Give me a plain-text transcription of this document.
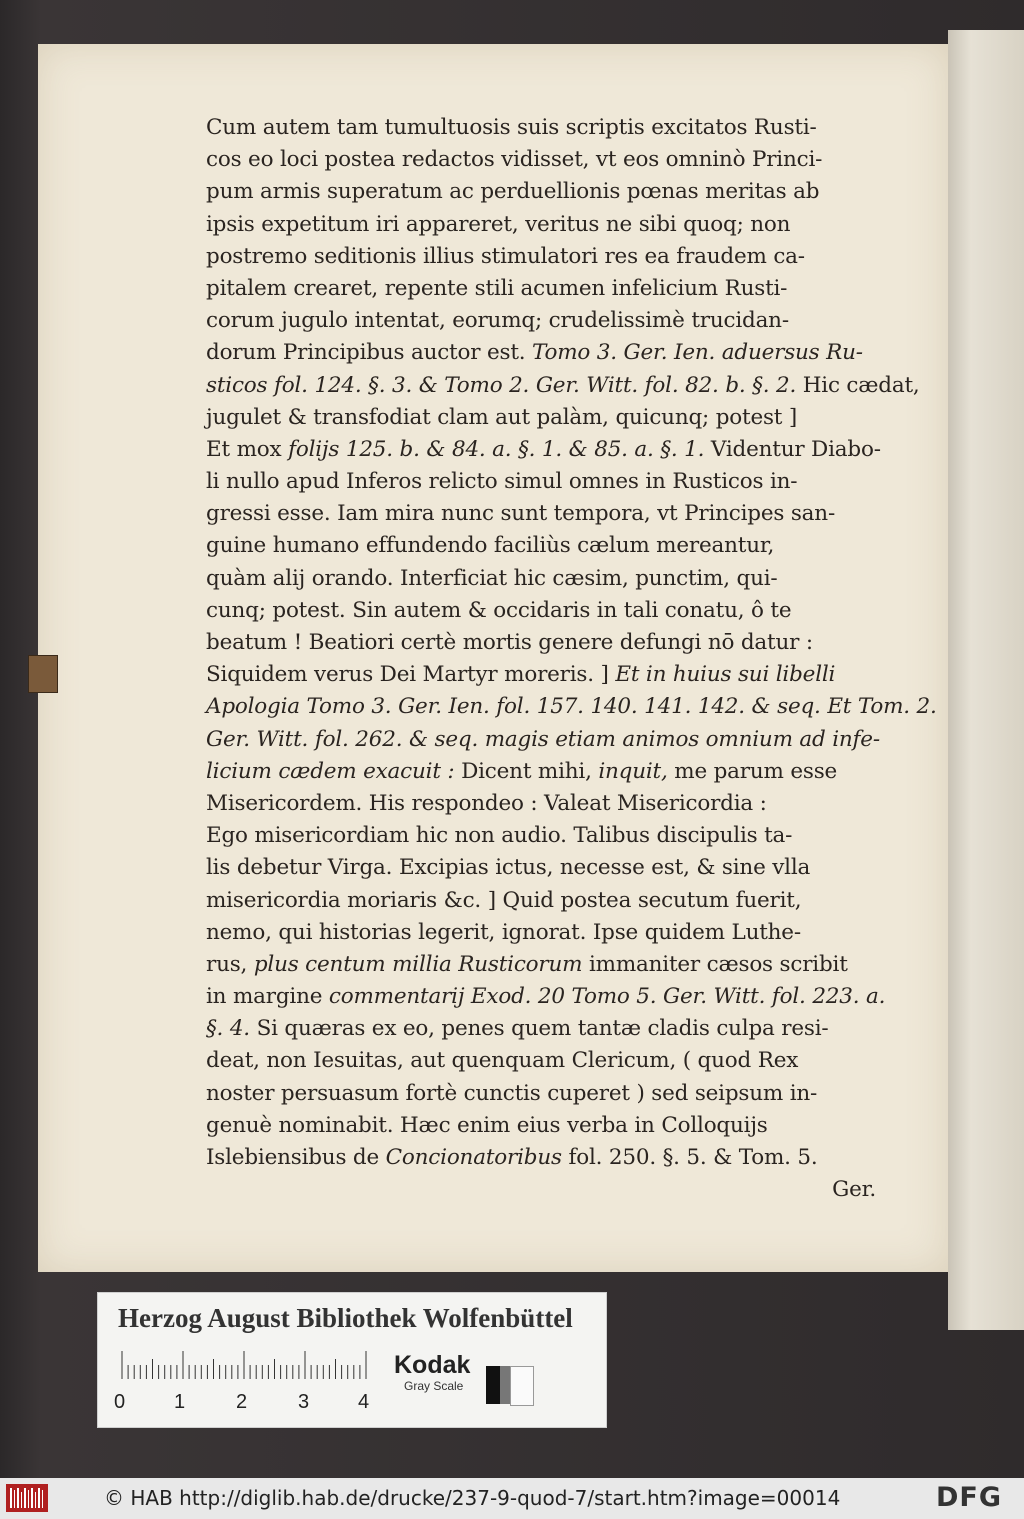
Cum autem tam tumultuosis suis scriptis excitatos Rusti-
cos eo loci postea redactos vidisset, vt eos omninò Princi-
pum armis superatum ac perduellionis pœnas meritas ab
ipsis expetitum iri appareret, veritus ne sibi quoq; non
postremo seditionis illius stimulatori res ea fraudem ca-
pitalem crearet, repente stili acumen infelicium Rusti-
corum jugulo intentat, eorumq; crudelissimè trucidan-
dorum Principibus auctor est. Tomo 3. Ger. Ien. aduersus Ru-
sticos fol. 124. §. 3. & Tomo 2. Ger. Witt. fol. 82. b. §. 2. Hic cædat,
jugulet & transfodiat clam aut palàm, quicunq; potest ]
Et mox folijs 125. b. & 84. a. §. 1. & 85. a. §. 1. Videntur Diabo-
li nullo apud Inferos relicto simul omnes in Rusticos in-
gressi esse. Iam mira nunc sunt tempora, vt Principes san-
guine humano effundendo faciliùs cælum mereantur,
quàm alij orando. Interficiat hic cæsim, punctim, qui-
cunq; potest. Sin autem & occidaris in tali conatu, ô te
beatum ! Beatiori certè mortis genere defungi nō datur :
Siquidem verus Dei Martyr moreris. ] Et in huius sui libelli
Apologia Tomo 3. Ger. Ien. fol. 157. 140. 141. 142. & seq. Et Tom. 2.
Ger. Witt. fol. 262. & seq. magis etiam animos omnium ad infe-
licium cædem exacuit : Dicent mihi, inquit, me parum esse
Misericordem. His respondeo : Valeat Misericordia :
Ego misericordiam hic non audio. Talibus discipulis ta-
lis debetur Virga. Excipias ictus, necesse est, & sine vlla
misericordia moriaris &c. ] Quid postea secutum fuerit,
nemo, qui historias legerit, ignorat. Ipse quidem Luthe-
rus, plus centum millia Rusticorum immaniter cæsos scribit
in margine commentarij Exod. 20 Tomo 5. Ger. Witt. fol. 223. a.
§. 4. Si quæras ex eo, penes quem tantæ cladis culpa resi-
deat, non Iesuitas, aut quenquam Clericum, ( quod Rex
noster persuasum fortè cunctis cuperet ) sed seipsum in-
genuè nominabit. Hæc enim eius verba in Colloquijs
Islebiensibus de Concionatoribus fol. 250. §. 5. & Tom. 5.
Ger.
Herzog August Bibliothek Wolfenbüttel
0 1	2	3 4
Kodak
Gray Scale
© HAB http://diglib.hab.de/drucke/237-9-quod-7/start.htm?image=00014	DFG
